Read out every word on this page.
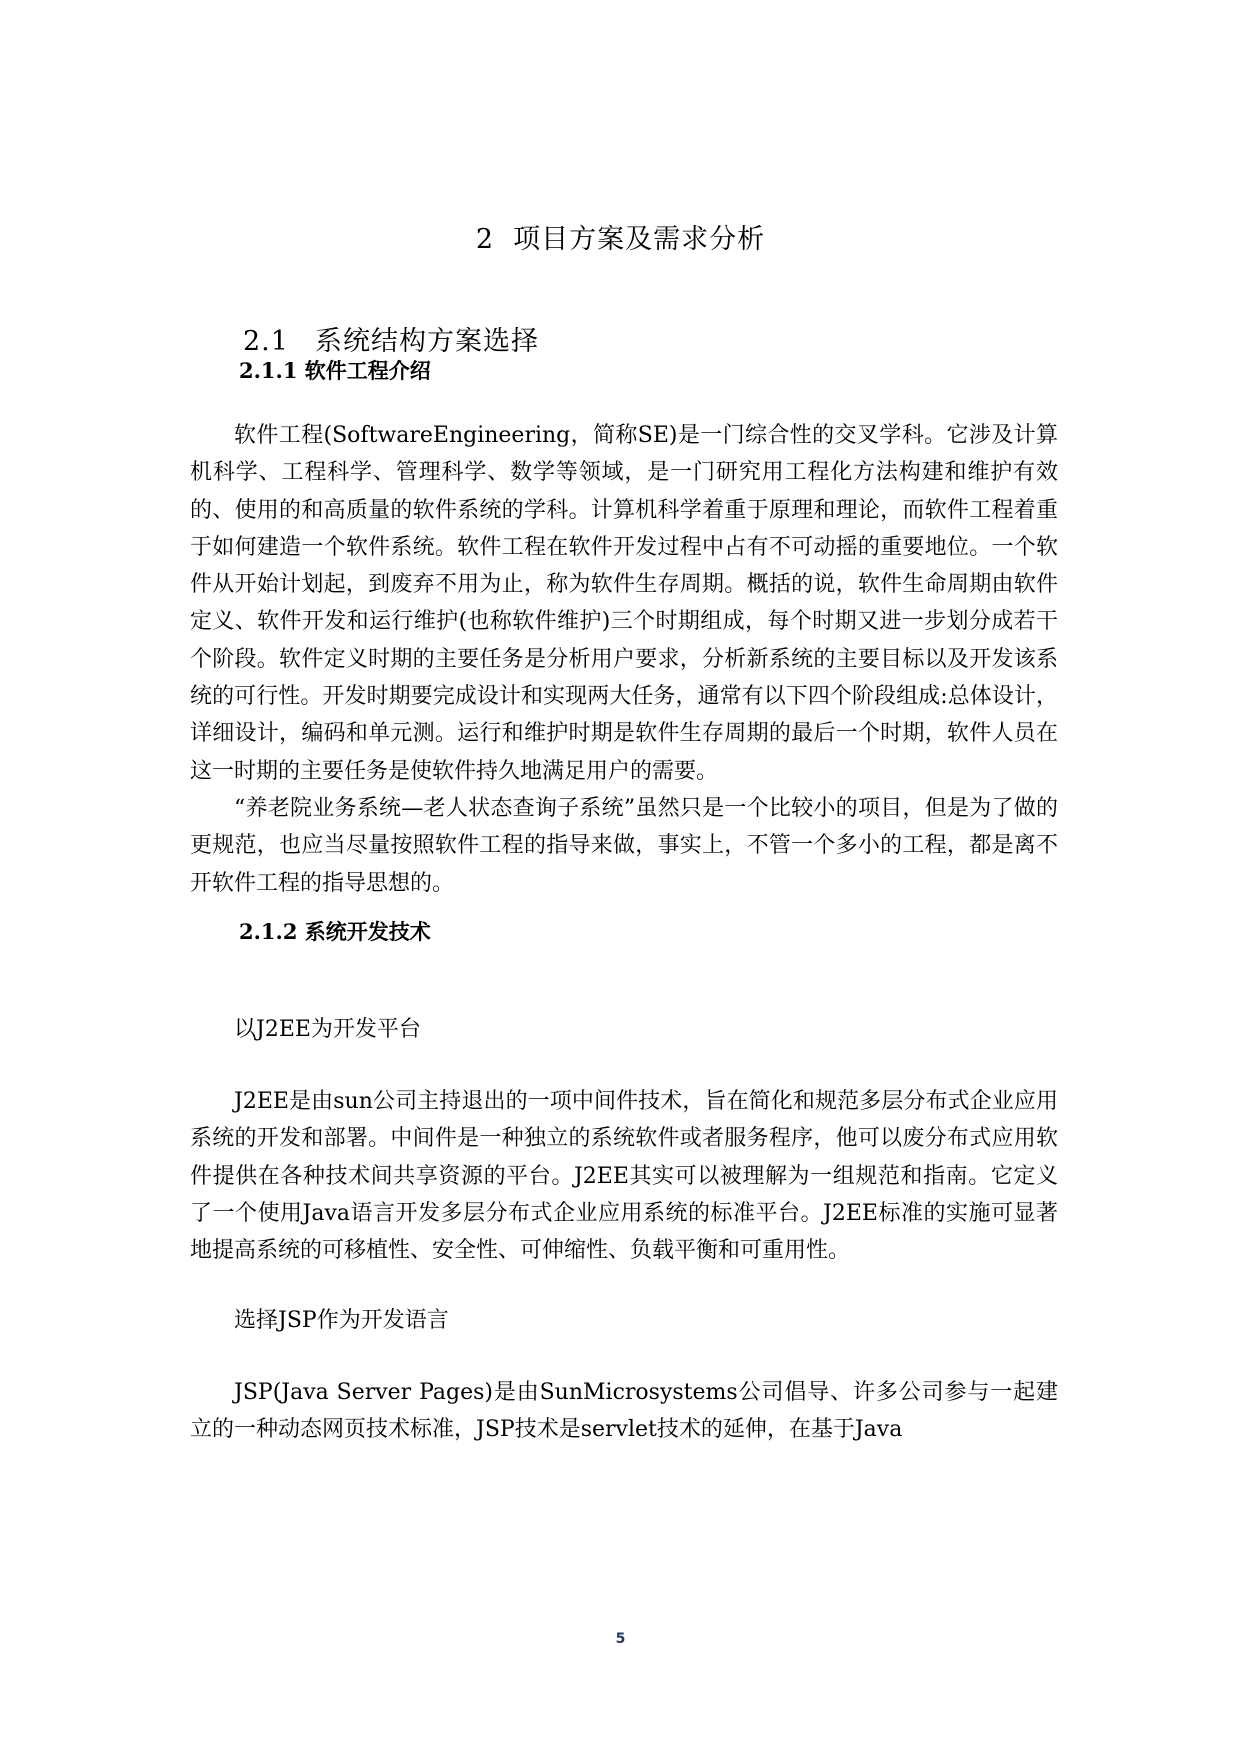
2 项目方案及需求分析
2.1 系统结构方案选择
2.1.1 软件工程介绍

软件工程(SoftwareEngineering，简称SE)是一门综合性的交叉学科。它涉及计算机科学、工程科学、管理科学、数学等领域，是一门研究用工程化方法构建和维护有效的、使用的和高质量的软件系统的学科。计算机科学着重于原理和理论，而软件工程着重于如何建造一个软件系统。软件工程在软件开发过程中占有不可动摇的重要地位。一个软件从开始计划起，到废弃不用为止，称为软件生存周期。概括的说，软件生命周期由软件定义、软件开发和运行维护(也称软件维护)三个时期组成，每个时期又进一步划分成若干个阶段。软件定义时期的主要任务是分析用户要求，分析新系统的主要目标以及开发该系统的可行性。开发时期要完成设计和实现两大任务，通常有以下四个阶段组成:总体设计，详细设计，编码和单元测。运行和维护时期是软件生存周期的最后一个时期，软件人员在这一时期的主要任务是使软件持久地满足用户的需要。

“养老院业务系统—老人状态查询子系统”虽然只是一个比较小的项目，但是为了做的更规范，也应当尽量按照软件工程的指导来做，事实上，不管一个多小的工程，都是离不开软件工程的指导思想的。

2.1.2 系统开发技术

以J2EE为开发平台

J2EE是由sun公司主持退出的一项中间件技术，旨在简化和规范多层分布式企业应用系统的开发和部署。中间件是一种独立的系统软件或者服务程序，他可以废分布式应用软件提供在各种技术间共享资源的平台。J2EE其实可以被理解为一组规范和指南。它定义了一个使用Java语言开发多层分布式企业应用系统的标准平台。J2EE标准的实施可显著地提高系统的可移植性、安全性、可伸缩性、负载平衡和可重用性。

选择JSP作为开发语言

JSP(Java Server Pages)是由SunMicrosystems公司倡导、许多公司参与一起建立的一种动态网页技术标准，JSP技术是servlet技术的延伸，在基于Java

5
